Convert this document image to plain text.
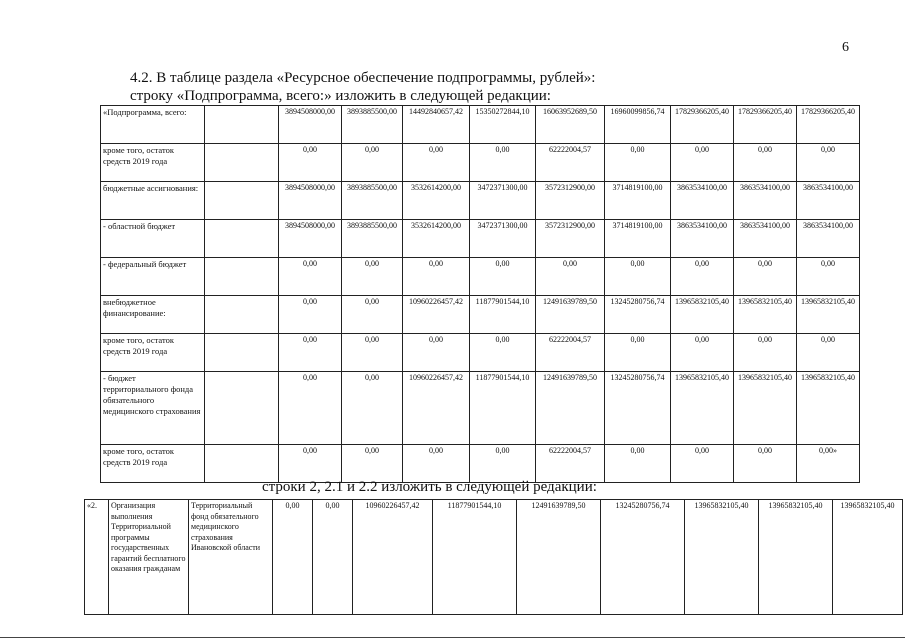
6
4.2. В таблице раздела «Ресурсное обеспечение подпрограммы, рублей»:
строку «Подпрограмма, всего:» изложить в следующей редакции:
«Подпрограмма, всего:		3894508000,00	3893885500,00	14492840657,42	15350272844,10	16063952689,50	16960099856,74	17829366205,40	17829366205,40	17829366205,40
кроме того, остаток средств 2019 года		0,00	0,00	0,00	0,00	62222004,57	0,00	0,00	0,00	0,00
бюджетные ассигнования:		3894508000,00	3893885500,00	3532614200,00	3472371300,00	3572312900,00	3714819100,00	3863534100,00	3863534100,00	3863534100,00
- областной бюджет		3894508000,00	3893885500,00	3532614200,00	3472371300,00	3572312900,00	3714819100,00	3863534100,00	3863534100,00	3863534100,00
- федеральный бюджет		0,00	0,00	0,00	0,00	0,00	0,00	0,00	0,00	0,00
внебюджетное финансирование:		0,00	0,00	10960226457,42	11877901544,10	12491639789,50	13245280756,74	13965832105,40	13965832105,40	13965832105,40
кроме того, остаток средств 2019 года		0,00	0,00	0,00	0,00	62222004,57	0,00	0,00	0,00	0,00
- бюджет территориального фонда обязательного медицинского страхования		0,00	0,00	10960226457,42	11877901544,10	12491639789,50	13245280756,74	13965832105,40	13965832105,40	13965832105,40
кроме того, остаток средств 2019 года		0,00	0,00	0,00	0,00	62222004,57	0,00	0,00	0,00	0,00»
строки 2, 2.1 и 2.2 изложить в следующей редакции:
«2.	Организация выполнения Территориальной программы государственных гарантий бесплатного оказания гражданам	Территориальный фонд обязательного медицинского страхования Ивановской области	0,00	0,00	10960226457,42	11877901544,10	12491639789,50	13245280756,74	13965832105,40	13965832105,40	13965832105,40
